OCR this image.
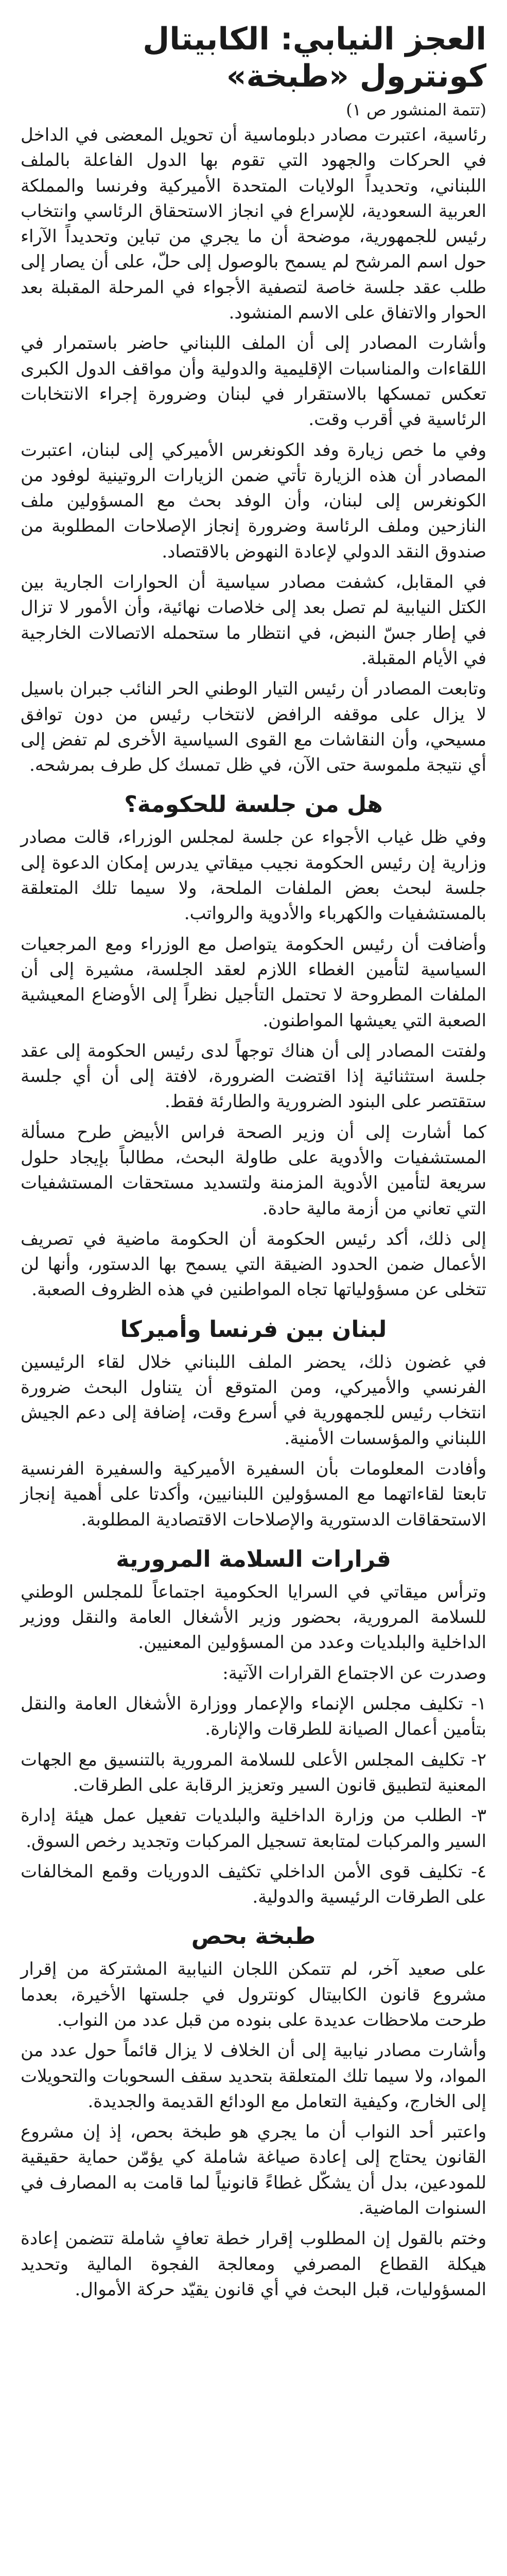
العجز النيابي: الكابيتال كونترول «طبخة»
(تتمة المنشور ص ١)

رئاسية، اعتبرت مصادر دبلوماسية أن تحويل المعضى في الداخل في الحركات والجهود التي تقوم بها الدول الفاعلة بالملف اللبناني، وتحديداً الولايات المتحدة الأميركية وفرنسا والمملكة العربية السعودية، للإسراع في انجاز الاستحقاق الرئاسي وانتخاب رئيس للجمهورية، موضحة أن ما يجري من تباين وتحديداً الآراء حول اسم المرشح لم يسمح بالوصول إلى حلّ، على أن يصار إلى طلب عقد جلسة خاصة لتصفية الأجواء في المرحلة المقبلة بعد الحوار والاتفاق على الاسم المنشود.

وأشارت المصادر إلى أن الملف اللبناني حاضر باستمرار في اللقاءات والمناسبات الإقليمية والدولية وأن مواقف الدول الكبرى تعكس تمسكها بالاستقرار في لبنان وضرورة إجراء الانتخابات الرئاسية في أقرب وقت.

وفي ما خص زيارة وفد الكونغرس الأميركي إلى لبنان، اعتبرت المصادر أن هذه الزيارة تأتي ضمن الزيارات الروتينية لوفود من الكونغرس إلى لبنان، وأن الوفد بحث مع المسؤولين ملف النازحين وملف الرئاسة وضرورة إنجاز الإصلاحات المطلوبة من صندوق النقد الدولي لإعادة النهوض بالاقتصاد.

في المقابل، كشفت مصادر سياسية أن الحوارات الجارية بين الكتل النيابية لم تصل بعد إلى خلاصات نهائية، وأن الأمور لا تزال في إطار جسّ النبض، في انتظار ما ستحمله الاتصالات الخارجية في الأيام المقبلة.

وتابعت المصادر أن رئيس التيار الوطني الحر النائب جبران باسيل لا يزال على موقفه الرافض لانتخاب رئيس من دون توافق مسيحي، وأن النقاشات مع القوى السياسية الأخرى لم تفض إلى أي نتيجة ملموسة حتى الآن، في ظل تمسك كل طرف بمرشحه.

هل من جلسة للحكومة؟

وفي ظل غياب الأجواء عن جلسة لمجلس الوزراء، قالت مصادر وزارية إن رئيس الحكومة نجيب ميقاتي يدرس إمكان الدعوة إلى جلسة لبحث بعض الملفات الملحة، ولا سيما تلك المتعلقة بالمستشفيات والكهرباء والأدوية والرواتب.

وأضافت أن رئيس الحكومة يتواصل مع الوزراء ومع المرجعيات السياسية لتأمين الغطاء اللازم لعقد الجلسة، مشيرة إلى أن الملفات المطروحة لا تحتمل التأجيل نظراً إلى الأوضاع المعيشية الصعبة التي يعيشها المواطنون.

ولفتت المصادر إلى أن هناك توجهاً لدى رئيس الحكومة إلى عقد جلسة استثنائية إذا اقتضت الضرورة، لافتة إلى أن أي جلسة ستقتصر على البنود الضرورية والطارئة فقط.

كما أشارت إلى أن وزير الصحة فراس الأبيض طرح مسألة المستشفيات والأدوية على طاولة البحث، مطالباً بإيجاد حلول سريعة لتأمين الأدوية المزمنة ولتسديد مستحقات المستشفيات التي تعاني من أزمة مالية حادة.

إلى ذلك، أكد رئيس الحكومة أن الحكومة ماضية في تصريف الأعمال ضمن الحدود الضيقة التي يسمح بها الدستور، وأنها لن تتخلى عن مسؤولياتها تجاه المواطنين في هذه الظروف الصعبة.

لبنان بين فرنسا وأميركا

في غضون ذلك، يحضر الملف اللبناني خلال لقاء الرئيسين الفرنسي والأميركي، ومن المتوقع أن يتناول البحث ضرورة انتخاب رئيس للجمهورية في أسرع وقت، إضافة إلى دعم الجيش اللبناني والمؤسسات الأمنية.

وأفادت المعلومات بأن السفيرة الأميركية والسفيرة الفرنسية تابعتا لقاءاتهما مع المسؤولين اللبنانيين، وأكدتا على أهمية إنجاز الاستحقاقات الدستورية والإصلاحات الاقتصادية المطلوبة.

قرارات السلامة المرورية

وترأس ميقاتي في السرايا الحكومية اجتماعاً للمجلس الوطني للسلامة المرورية، بحضور وزير الأشغال العامة والنقل ووزير الداخلية والبلديات وعدد من المسؤولين المعنيين.

وصدرت عن الاجتماع القرارات الآتية:

١- تكليف مجلس الإنماء والإعمار ووزارة الأشغال العامة والنقل بتأمين أعمال الصيانة للطرقات والإنارة.

٢- تكليف المجلس الأعلى للسلامة المرورية بالتنسيق مع الجهات المعنية لتطبيق قانون السير وتعزيز الرقابة على الطرقات.

٣- الطلب من وزارة الداخلية والبلديات تفعيل عمل هيئة إدارة السير والمركبات لمتابعة تسجيل المركبات وتجديد رخص السوق.

٤- تكليف قوى الأمن الداخلي تكثيف الدوريات وقمع المخالفات على الطرقات الرئيسية والدولية.

طبخة بحص

على صعيد آخر، لم تتمكن اللجان النيابية المشتركة من إقرار مشروع قانون الكابيتال كونترول في جلستها الأخيرة، بعدما طرحت ملاحظات عديدة على بنوده من قبل عدد من النواب.

وأشارت مصادر نيابية إلى أن الخلاف لا يزال قائماً حول عدد من المواد، ولا سيما تلك المتعلقة بتحديد سقف السحوبات والتحويلات إلى الخارج، وكيفية التعامل مع الودائع القديمة والجديدة.

واعتبر أحد النواب أن ما يجري هو طبخة بحص، إذ إن مشروع القانون يحتاج إلى إعادة صياغة شاملة كي يؤمّن حماية حقيقية للمودعين، بدل أن يشكّل غطاءً قانونياً لما قامت به المصارف في السنوات الماضية.

وختم بالقول إن المطلوب إقرار خطة تعافٍ شاملة تتضمن إعادة هيكلة القطاع المصرفي ومعالجة الفجوة المالية وتحديد المسؤوليات، قبل البحث في أي قانون يقيّد حركة الأموال.
